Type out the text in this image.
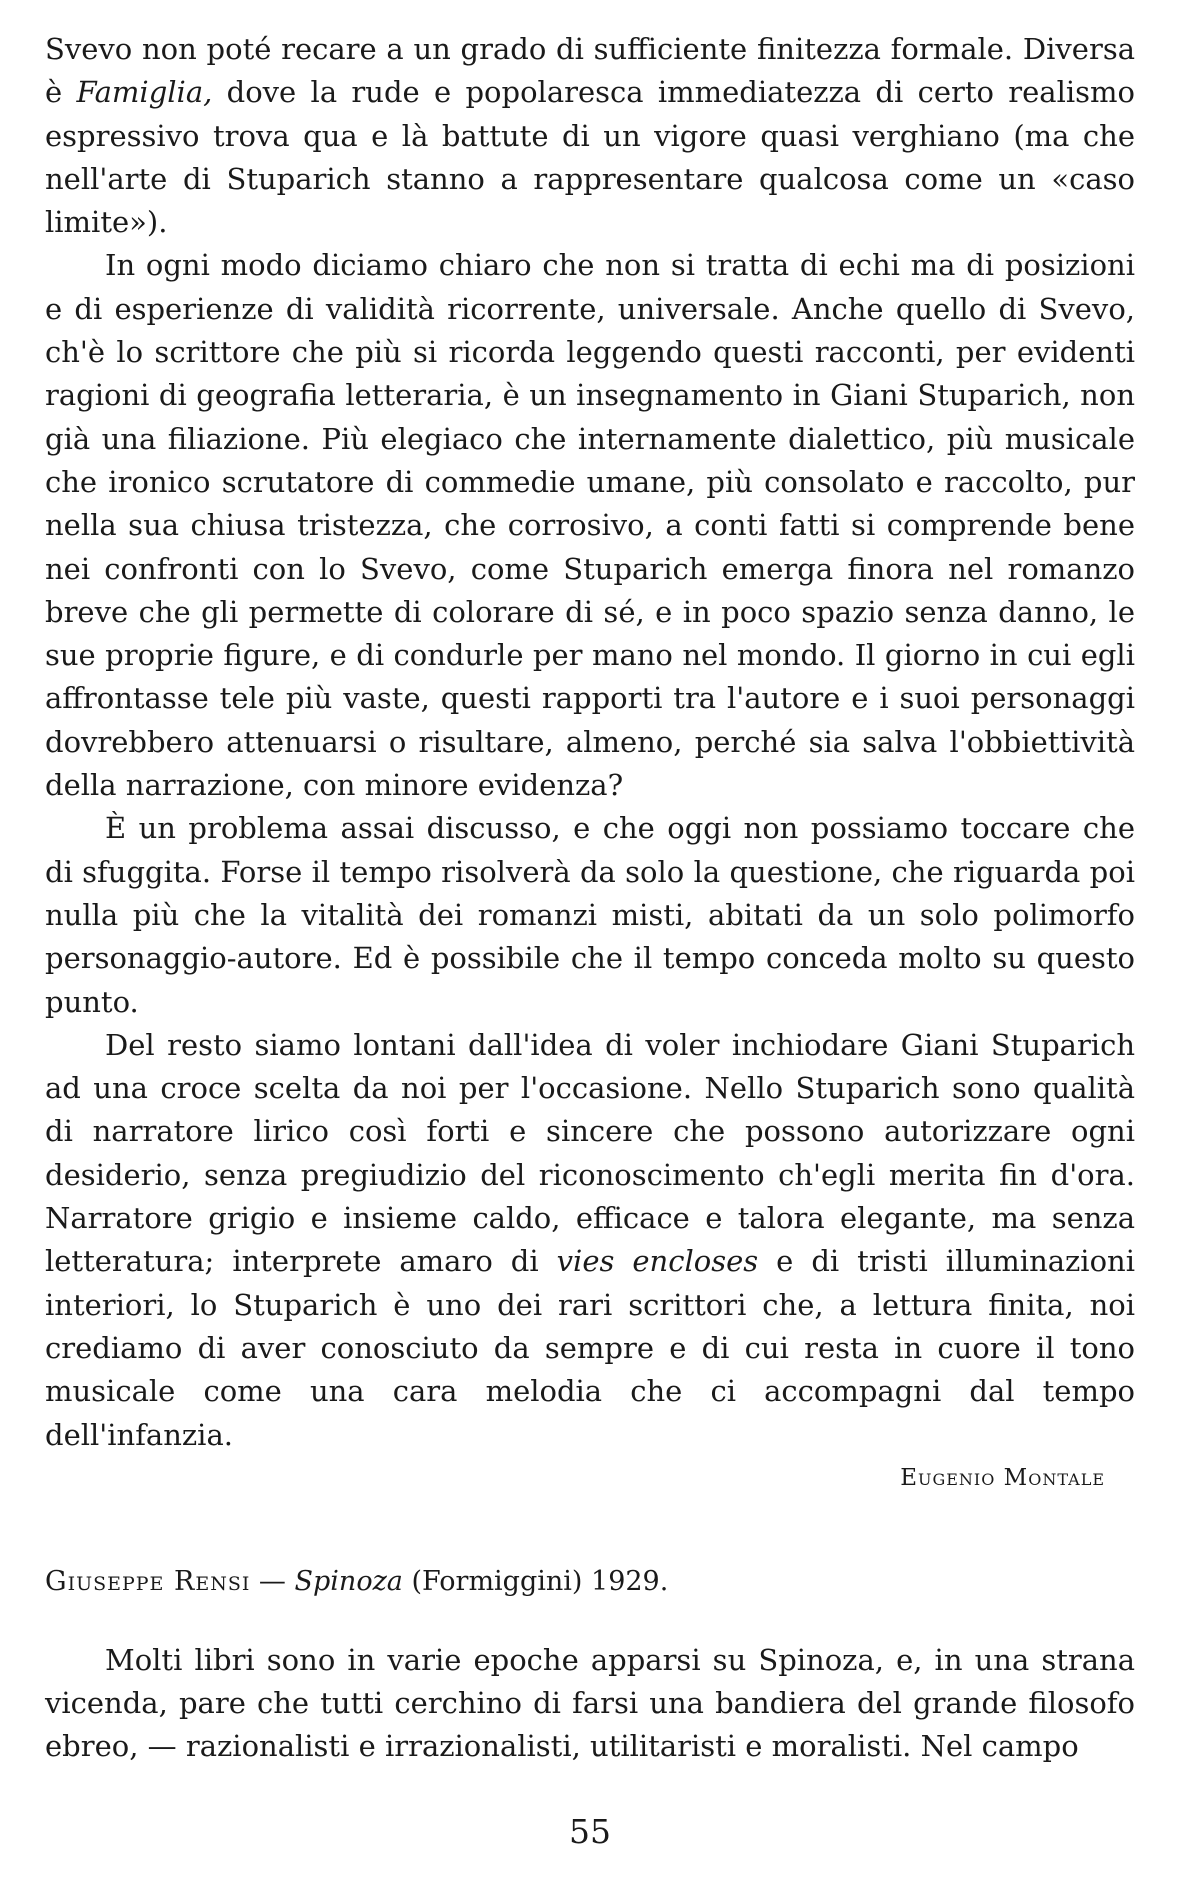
Svevo non poté recare a un grado di sufficiente finitezza formale. Diversa è Famiglia, dove la rude e popolaresca immediatezza di certo realismo espressivo trova qua e là battute di un vigore quasi verghiano (ma che nell'arte di Stuparich stanno a rappresentare qualcosa come un «caso limite»).

In ogni modo diciamo chiaro che non si tratta di echi ma di posizioni e di esperienze di validità ricorrente, universale. Anche quello di Svevo, ch'è lo scrittore che più si ricorda leggendo questi racconti, per evidenti ragioni di geografia letteraria, è un insegnamento in Giani Stuparich, non già una filiazione. Più elegiaco che internamente dialettico, più musicale che ironico scrutatore di commedie umane, più consolato e raccolto, pur nella sua chiusa tristezza, che corrosivo, a conti fatti si comprende bene nei confronti con lo Svevo, come Stuparich emerga finora nel romanzo breve che gli permette di colorare di sé, e in poco spazio senza danno, le sue proprie figure, e di condurle per mano nel mondo. Il giorno in cui egli affrontasse tele più vaste, questi rapporti tra l'autore e i suoi personaggi dovrebbero attenuarsi o risultare, almeno, perché sia salva l'obbiettività della narrazione, con minore evidenza?

È un problema assai discusso, e che oggi non possiamo toccare che di sfuggita. Forse il tempo risolverà da solo la questione, che riguarda poi nulla più che la vitalità dei romanzi misti, abitati da un solo polimorfo personaggio-autore. Ed è possibile che il tempo conceda molto su questo punto.

Del resto siamo lontani dall'idea di voler inchiodare Giani Stuparich ad una croce scelta da noi per l'occasione. Nello Stuparich sono qualità di narratore lirico così forti e sincere che possono autorizzare ogni desiderio, senza pregiudizio del riconoscimento ch'egli merita fin d'ora. Narratore grigio e insieme caldo, efficace e talora elegante, ma senza letteratura; interprete amaro di vies encloses e di tristi illuminazioni interiori, lo Stuparich è uno dei rari scrittori che, a lettura finita, noi crediamo di aver conosciuto da sempre e di cui resta in cuore il tono musicale come una cara melodia che ci accompagni dal tempo dell'infanzia.

Eugenio Montale

Giuseppe Rensi — Spinoza (Formiggini) 1929.

Molti libri sono in varie epoche apparsi su Spinoza, e, in una strana vicenda, pare che tutti cerchino di farsi una bandiera del grande filosofo ebreo, — razionalisti e irrazionalisti, utilitaristi e moralisti. Nel campo

55
